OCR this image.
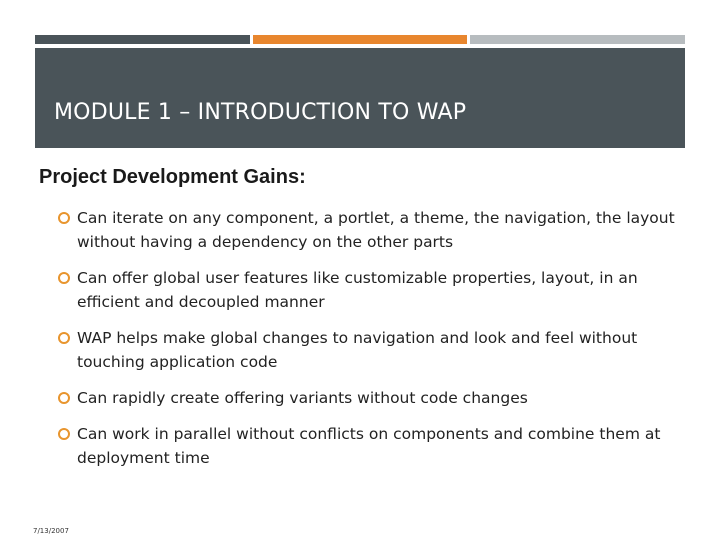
MODULE 1 – INTRODUCTION TO WAP
Project Development Gains:
Can iterate on any component, a portlet, a theme, the navigation, the layout without having a dependency on the other parts
Can offer global user features like customizable properties, layout, in an efficient and decoupled manner
WAP helps make global changes to navigation and look and feel without touching application code
Can rapidly create offering variants without code changes
Can work in parallel without conflicts on components and combine them at deployment time
7/13/2007
